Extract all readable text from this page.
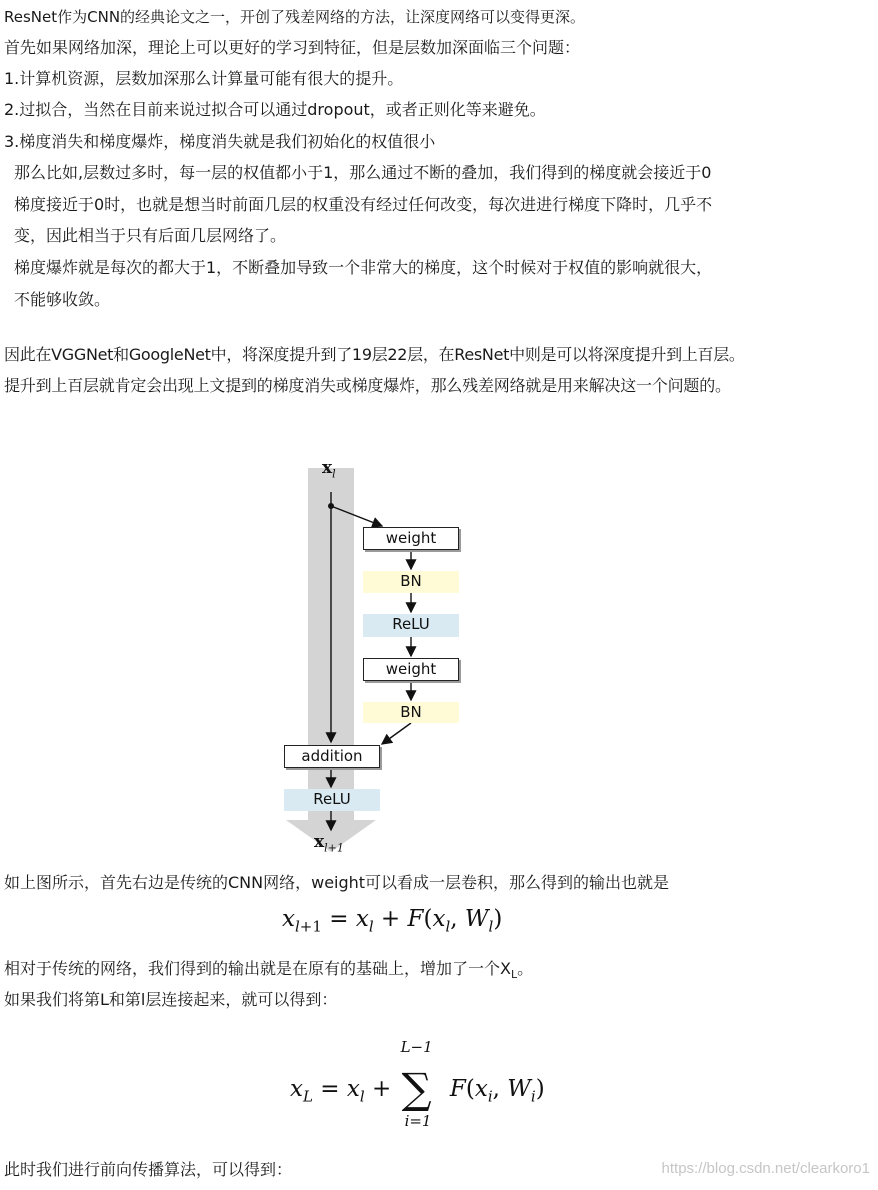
ResNet作为CNN的经典论文之一，开创了残差网络的方法，让深度网络可以变得更深。
首先如果网络加深，理论上可以更好的学习到特征，但是层数加深面临三个问题：
1.计算机资源，层数加深那么计算量可能有很大的提升。
2.过拟合，当然在目前来说过拟合可以通过dropout，或者正则化等来避免。
3.梯度消失和梯度爆炸，梯度消失就是我们初始化的权值很小
那么比如,层数过多时，每一层的权值都小于1，那么通过不断的叠加，我们得到的梯度就会接近于0
梯度接近于0时，也就是想当时前面几层的权重没有经过任何改变，每次进进行梯度下降时，几乎不
变，因此相当于只有后面几层网络了。
梯度爆炸就是每次的都大于1，不断叠加导致一个非常大的梯度，这个时候对于权值的影响就很大，
不能够收敛。
因此在VGGNet和GoogleNet中，将深度提升到了19层22层，在ResNet中则是可以将深度提升到上百层。
提升到上百层就肯定会出现上文提到的梯度消失或梯度爆炸，那么残差网络就是用来解决这一个问题的。
$x_l$
weight
BN
ReLU
weight
BN
addition
ReLU
$x_{l+1}$
如上图所示，首先右边是传统的CNN网络，weight可以看成一层卷积，那么得到的输出也就是
$x_{l+1} = x_l + F(x_l$, $W_l$)
相对于传统的网络，我们得到的输出就是在原有的基础上，增加了一个$X_L$。
如果我们将第L和第l层连接起来，就可以得到：
$x_L = x_l$ +
L−1
∑
i=1
$F(x_i$, $W_i$)
此时我们进行前向传播算法，可以得到：	https://blog.csdn.net/clearkoro1
